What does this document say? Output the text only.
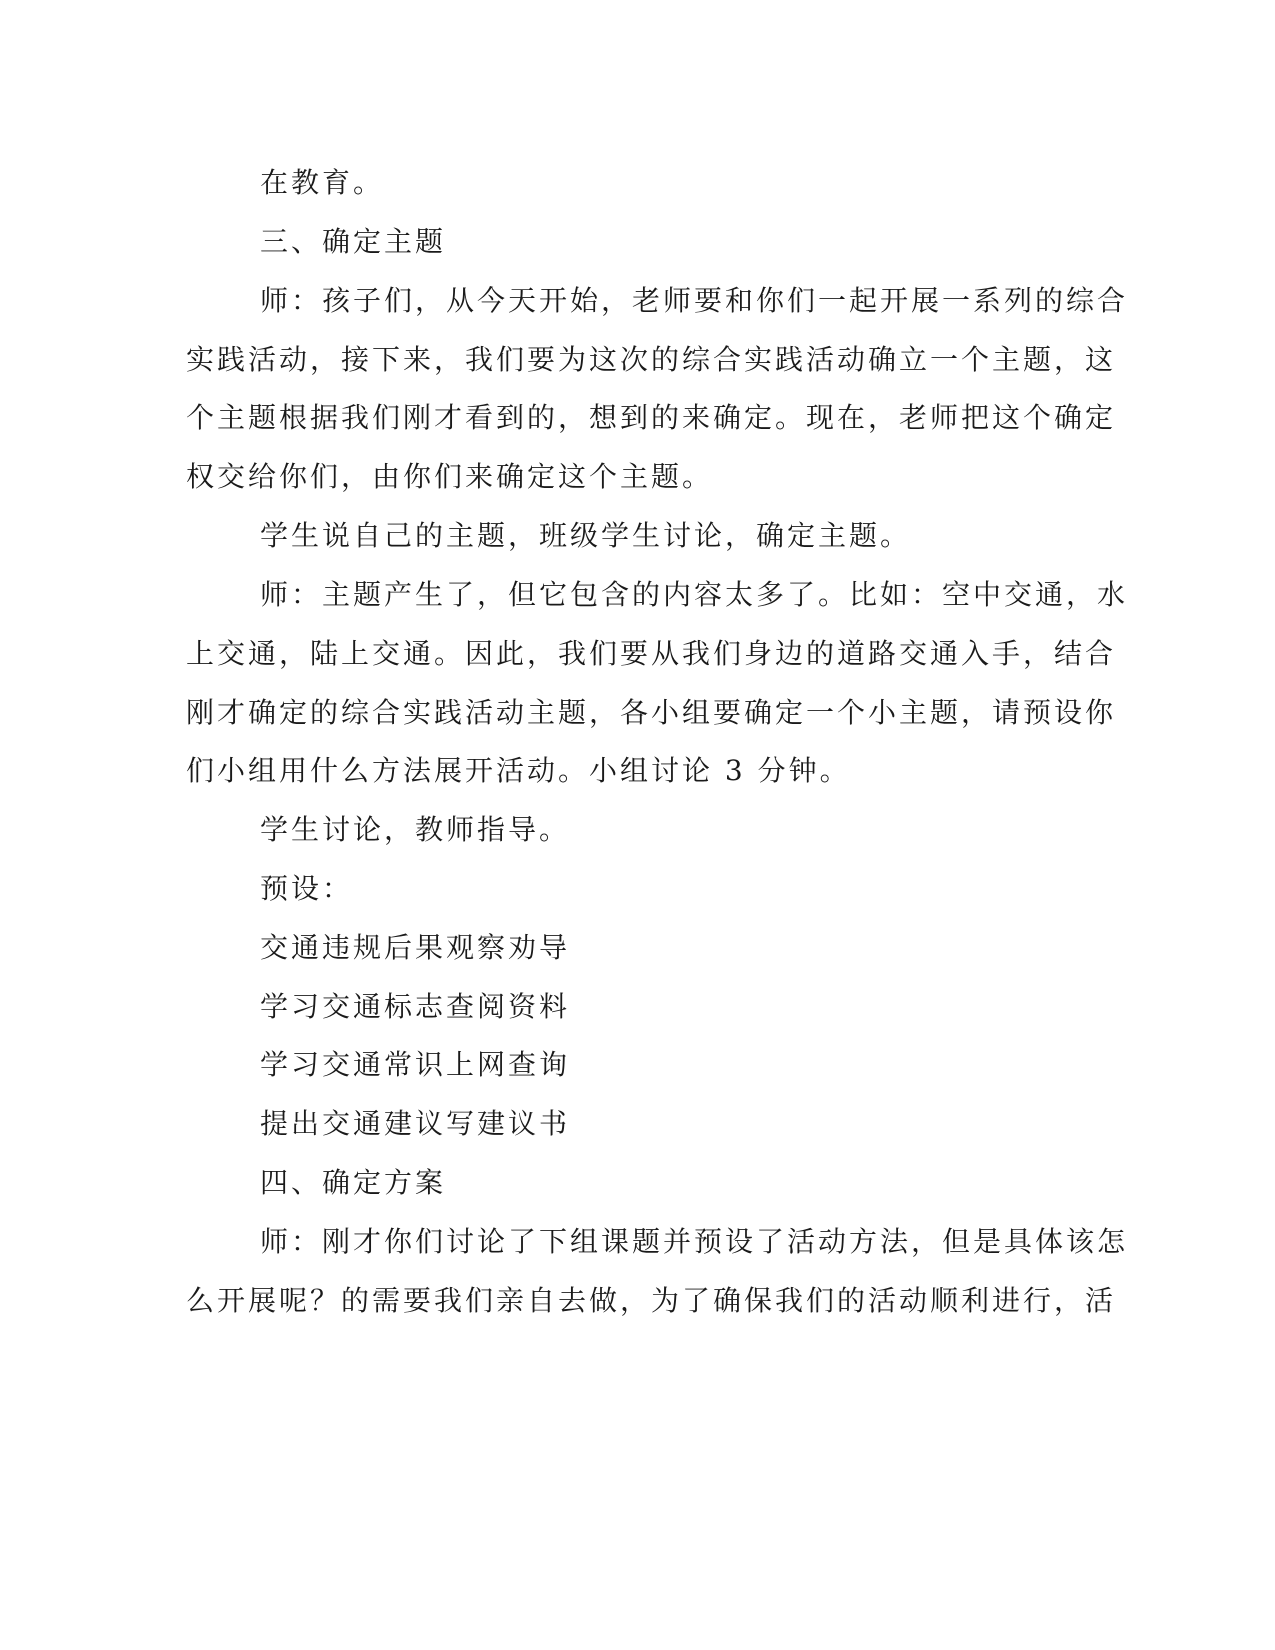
在教育。
三、确定主题
师：孩子们，从今天开始，老师要和你们一起开展一系列的综合
实践活动，接下来，我们要为这次的综合实践活动确立一个主题，这
个主题根据我们刚才看到的，想到的来确定。现在，老师把这个确定
权交给你们，由你们来确定这个主题。
学生说自己的主题，班级学生讨论，确定主题。
师：主题产生了，但它包含的内容太多了。比如：空中交通，水
上交通，陆上交通。因此，我们要从我们身边的道路交通入手，结合
刚才确定的综合实践活动主题，各小组要确定一个小主题，请预设你
们小组用什么方法展开活动。小组讨论 3 分钟。
学生讨论，教师指导。
预设：
交通违规后果观察劝导
学习交通标志查阅资料
学习交通常识上网查询
提出交通建议写建议书
四、确定方案
师：刚才你们讨论了下组课题并预设了活动方法，但是具体该怎
么开展呢？的需要我们亲自去做，为了确保我们的活动顺利进行，活
